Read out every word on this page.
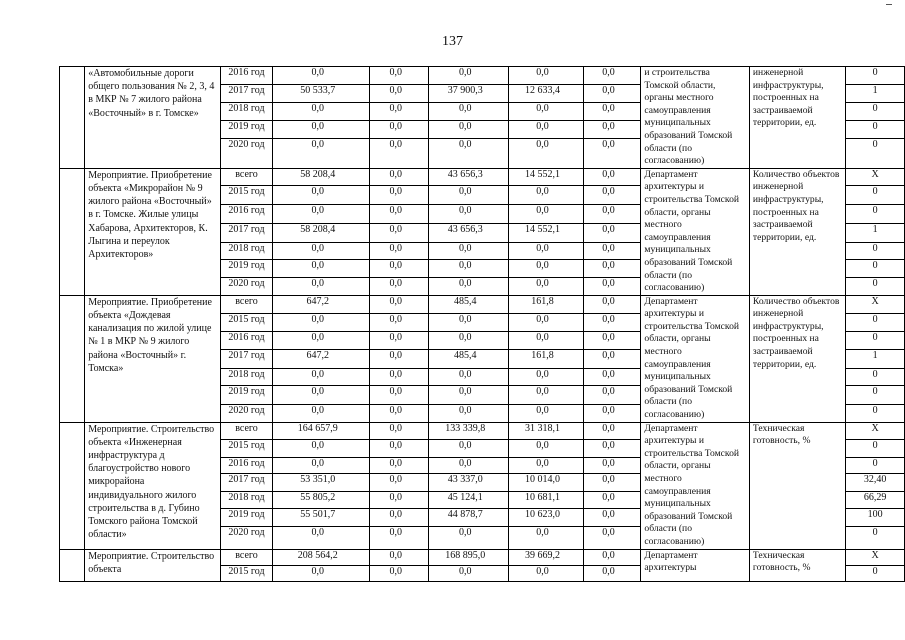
137
	«Автомобильные дороги общего пользования № 2, 3, 4 в МКР № 7 жилого района «Восточный» в г. Томске»	2016 год	0,0	0,0	0,0	0,0	0,0	и строительства Томской области, органы местного самоуправления муниципальных образований Томской области (по согласованию)	инженерной инфраструктуры, построенных на застраиваемой территории, ед.	0
		2017 год	50 533,7	0,0	37 900,3	12 633,4	0,0			1
		2018 год	0,0	0,0	0,0	0,0	0,0			0
		2019 год	0,0	0,0	0,0	0,0	0,0			0
		2020 год	0,0	0,0	0,0	0,0	0,0			0
	Мероприятие. Приобретение объекта «Микрорайон № 9 жилого района «Восточный» в г. Томске. Жилые улицы Хабарова, Архитекторов, К. Лыгина и переулок Архитекторов»	всего	58 208,4	0,0	43 656,3	14 552,1	0,0	Департамент архитектуры и строительства Томской области, органы местного самоуправления муниципальных образований Томской области (по согласованию)	Количество объектов инженерной инфраструктуры, построенных на застраиваемой территории, ед.	X
		2015 год	0,0	0,0	0,0	0,0	0,0			0
		2016 год	0,0	0,0	0,0	0,0	0,0			0
		2017 год	58 208,4	0,0	43 656,3	14 552,1	0,0			1
		2018 год	0,0	0,0	0,0	0,0	0,0			0
		2019 год	0,0	0,0	0,0	0,0	0,0			0
		2020 год	0,0	0,0	0,0	0,0	0,0			0
	Мероприятие. Приобретение объекта «Дождевая канализация по жилой улице № 1 в МКР № 9 жилого района «Восточный» г. Томска»	всего	647,2	0,0	485,4	161,8	0,0	Департамент архитектуры и строительства Томской области, органы местного самоуправления муниципальных образований Томской области (по согласованию)	Количество объектов инженерной инфраструктуры, построенных на застраиваемой территории, ед.	X
		2015 год	0,0	0,0	0,0	0,0	0,0			0
		2016 год	0,0	0,0	0,0	0,0	0,0			0
		2017 год	647,2	0,0	485,4	161,8	0,0			1
		2018 год	0,0	0,0	0,0	0,0	0,0			0
		2019 год	0,0	0,0	0,0	0,0	0,0			0
		2020 год	0,0	0,0	0,0	0,0	0,0			0
	Мероприятие. Строительство объекта «Инженерная инфраструктура д благоустройство нового микрорайона индивидуального жилого строительства в д. Губино Томского района Томской области»	всего	164 657,9	0,0	133 339,8	31 318,1	0,0	Департамент архитектуры и строительства Томской области, органы местного самоуправления муниципальных образований Томской области (по согласованию)	Техническая готовность, %	X
		2015 год	0,0	0,0	0,0	0,0	0,0			0
		2016 год	0,0	0,0	0,0	0,0	0,0			0
		2017 год	53 351,0	0,0	43 337,0	10 014,0	0,0			32,40
		2018 год	55 805,2	0,0	45 124,1	10 681,1	0,0			66,29
		2019 год	55 501,7	0,0	44 878,7	10 623,0	0,0			100
		2020 год	0,0	0,0	0,0	0,0	0,0			0
	Мероприятие. Строительство объекта	всего	208 564,2	0,0	168 895,0	39 669,2	0,0	Департамент архитектуры	Техническая готовность, %	X
		2015 год	0,0	0,0	0,0	0,0	0,0			0
